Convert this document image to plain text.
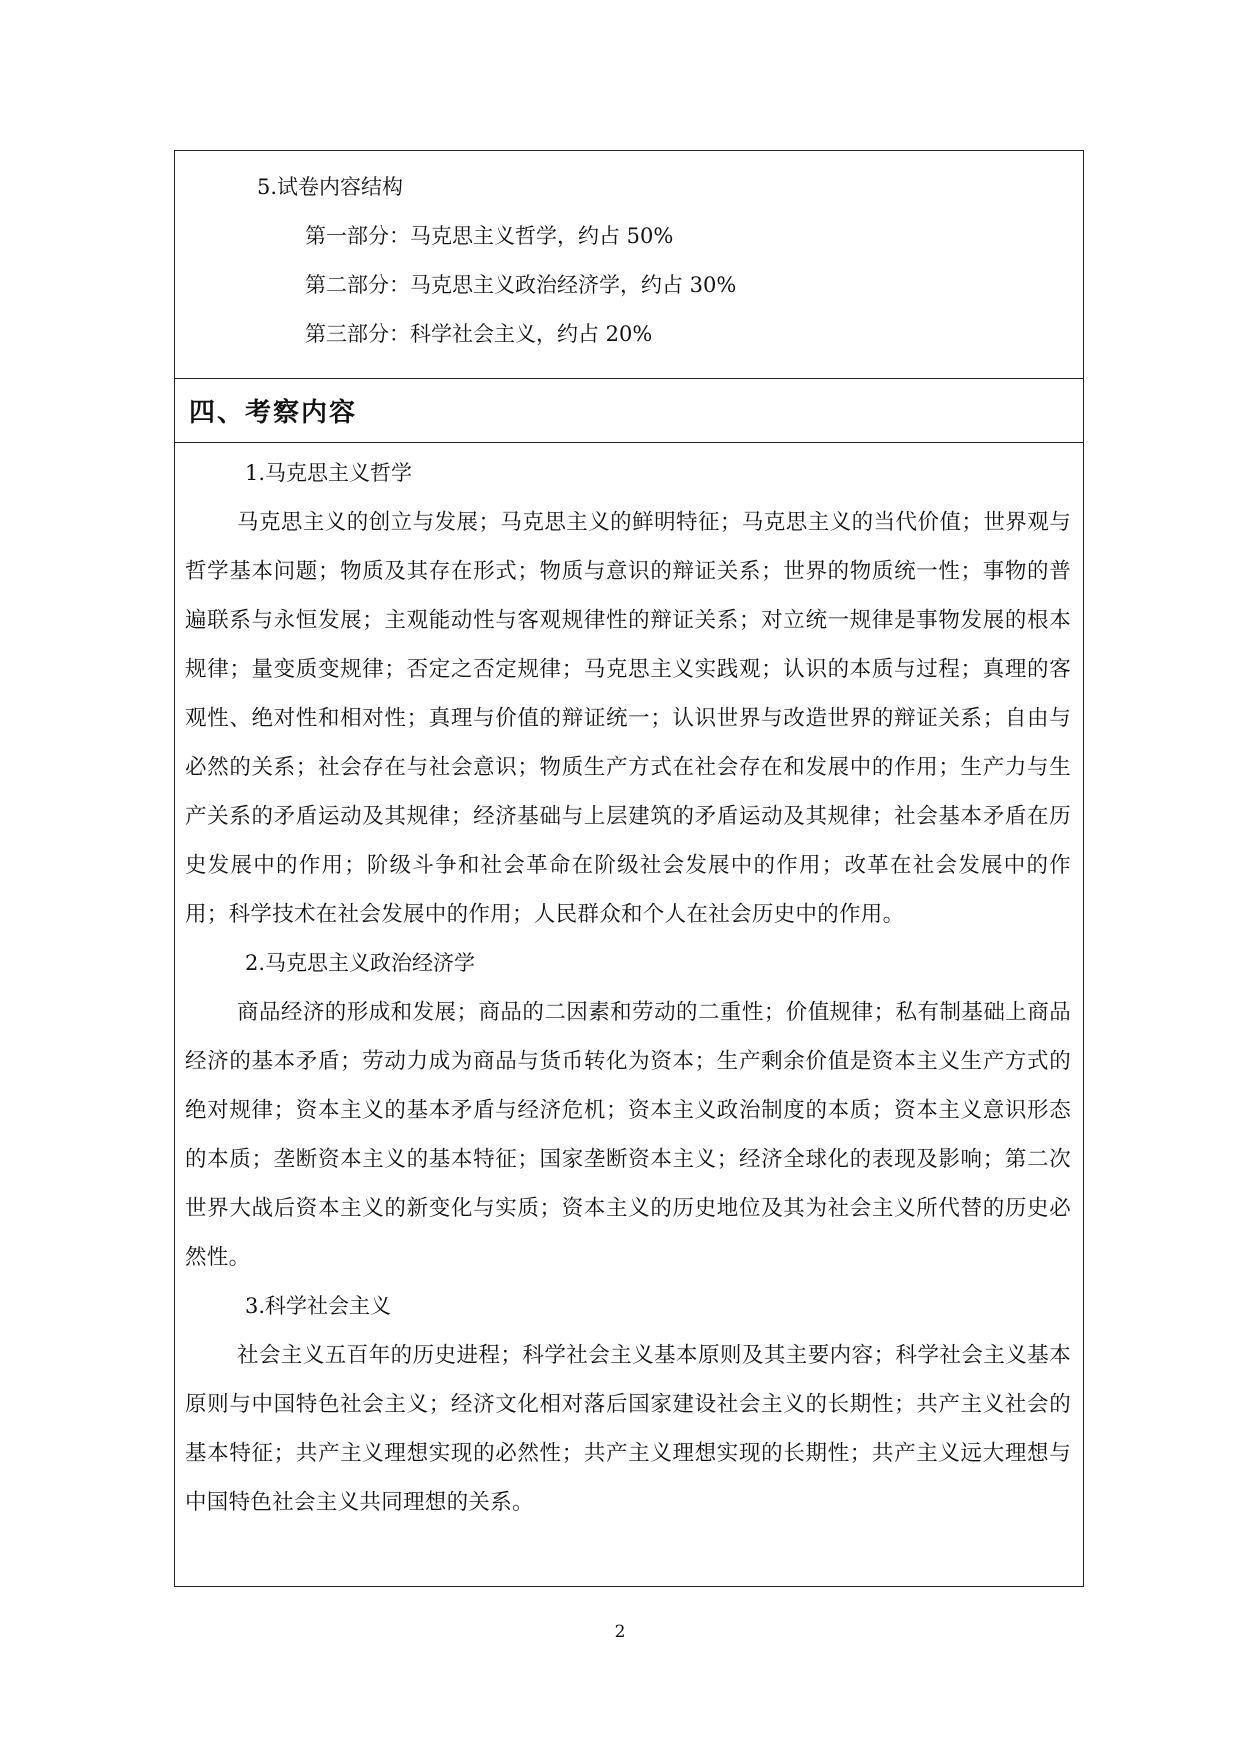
5.试卷内容结构
第一部分：马克思主义哲学，约占 50%
第二部分：马克思主义政治经济学，约占 30%
第三部分：科学社会主义，约占 20%
四、考察内容
1.马克思主义哲学

马克思主义的创立与发展；马克思主义的鲜明特征；马克思主义的当代价值；世界观与哲学基本问题；物质及其存在形式；物质与意识的辩证关系；世界的物质统一性；事物的普遍联系与永恒发展；主观能动性与客观规律性的辩证关系；对立统一规律是事物发展的根本规律；量变质变规律；否定之否定规律；马克思主义实践观；认识的本质与过程；真理的客观性、绝对性和相对性；真理与价值的辩证统一；认识世界与改造世界的辩证关系；自由与必然的关系；社会存在与社会意识；物质生产方式在社会存在和发展中的作用；生产力与生产关系的矛盾运动及其规律；经济基础与上层建筑的矛盾运动及其规律；社会基本矛盾在历史发展中的作用；阶级斗争和社会革命在阶级社会发展中的作用；改革在社会发展中的作用；科学技术在社会发展中的作用；人民群众和个人在社会历史中的作用。

2.马克思主义政治经济学

商品经济的形成和发展；商品的二因素和劳动的二重性；价值规律；私有制基础上商品经济的基本矛盾；劳动力成为商品与货币转化为资本；生产剩余价值是资本主义生产方式的绝对规律；资本主义的基本矛盾与经济危机；资本主义政治制度的本质；资本主义意识形态的本质；垄断资本主义的基本特征；国家垄断资本主义；经济全球化的表现及影响；第二次世界大战后资本主义的新变化与实质；资本主义的历史地位及其为社会主义所代替的历史必然性。

3.科学社会主义

社会主义五百年的历史进程；科学社会主义基本原则及其主要内容；科学社会主义基本原则与中国特色社会主义；经济文化相对落后国家建设社会主义的长期性；共产主义社会的基本特征；共产主义理想实现的必然性；共产主义理想实现的长期性；共产主义远大理想与中国特色社会主义共同理想的关系。

2
